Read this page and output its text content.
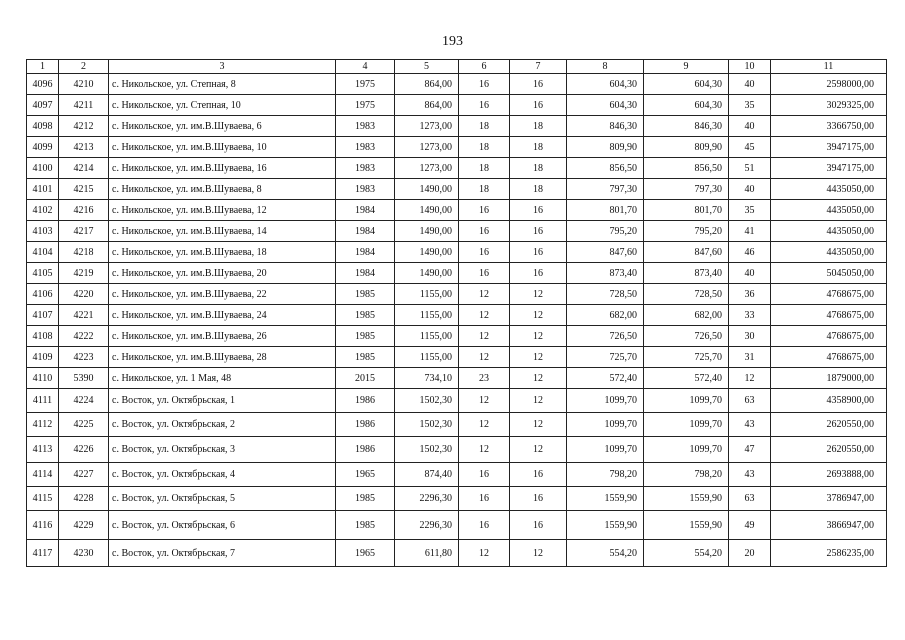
193
1	2	3	4	5	6	7	8	9	10	11
4096	4210	с. Никольское, ул. Степная, 8	1975	864,00	16	16	604,30	604,30	40	2598000,00
4097	4211	с. Никольское, ул. Степная, 10	1975	864,00	16	16	604,30	604,30	35	3029325,00
4098	4212	с. Никольское, ул. им.В.Шуваева, 6	1983	1273,00	18	18	846,30	846,30	40	3366750,00
4099	4213	с. Никольское, ул. им.В.Шуваева, 10	1983	1273,00	18	18	809,90	809,90	45	3947175,00
4100	4214	с. Никольское, ул. им.В.Шуваева, 16	1983	1273,00	18	18	856,50	856,50	51	3947175,00
4101	4215	с. Никольское, ул. им.В.Шуваева, 8	1983	1490,00	18	18	797,30	797,30	40	4435050,00
4102	4216	с. Никольское, ул. им.В.Шуваева, 12	1984	1490,00	16	16	801,70	801,70	35	4435050,00
4103	4217	с. Никольское, ул. им.В.Шуваева, 14	1984	1490,00	16	16	795,20	795,20	41	4435050,00
4104	4218	с. Никольское, ул. им.В.Шуваева, 18	1984	1490,00	16	16	847,60	847,60	46	4435050,00
4105	4219	с. Никольское, ул. им.В.Шуваева, 20	1984	1490,00	16	16	873,40	873,40	40	5045050,00
4106	4220	с. Никольское, ул. им.В.Шуваева, 22	1985	1155,00	12	12	728,50	728,50	36	4768675,00
4107	4221	с. Никольское, ул. им.В.Шуваева, 24	1985	1155,00	12	12	682,00	682,00	33	4768675,00
4108	4222	с. Никольское, ул. им.В.Шуваева, 26	1985	1155,00	12	12	726,50	726,50	30	4768675,00
4109	4223	с. Никольское, ул. им.В.Шуваева, 28	1985	1155,00	12	12	725,70	725,70	31	4768675,00
4110	5390	с. Никольское, ул. 1 Мая, 48	2015	734,10	23	12	572,40	572,40	12	1879000,00
4111	4224	с. Восток, ул. Октябрьская, 1	1986	1502,30	12	12	1099,70	1099,70	63	4358900,00
4112	4225	с. Восток, ул. Октябрьская, 2	1986	1502,30	12	12	1099,70	1099,70	43	2620550,00
4113	4226	с. Восток, ул. Октябрьская, 3	1986	1502,30	12	12	1099,70	1099,70	47	2620550,00
4114	4227	с. Восток, ул. Октябрьская, 4	1965	874,40	16	16	798,20	798,20	43	2693888,00
4115	4228	с. Восток, ул. Октябрьская, 5	1985	2296,30	16	16	1559,90	1559,90	63	3786947,00
4116	4229	с. Восток, ул. Октябрьская, 6	1985	2296,30	16	16	1559,90	1559,90	49	3866947,00
4117	4230	с. Восток, ул. Октябрьская, 7	1965	611,80	12	12	554,20	554,20	20	2586235,00
